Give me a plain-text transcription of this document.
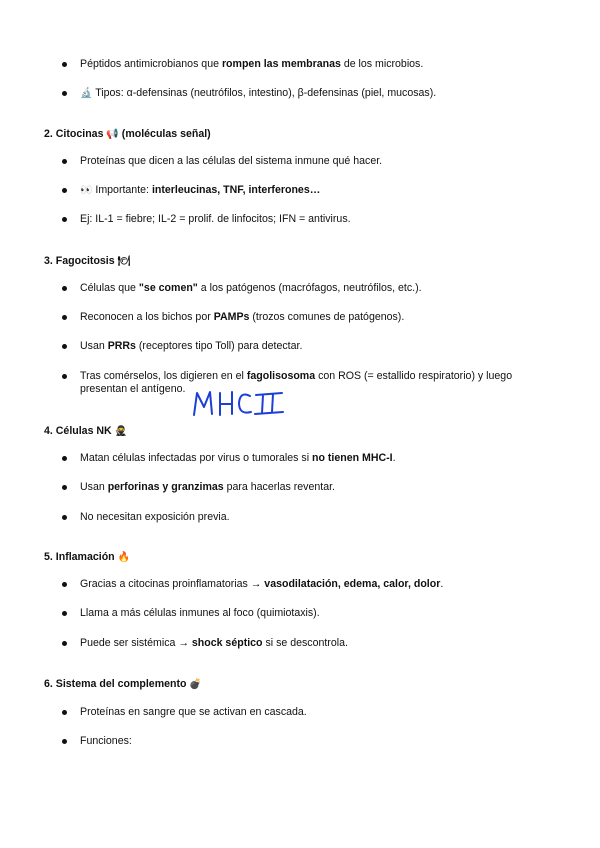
Péptidos antimicrobianos que rompen las membranas de los microbios.
🔬 Tipos: α-defensinas (neutrófilos, intestino), β-defensinas (piel, mucosas).
2. Citocinas 📢 (moléculas señal)
Proteínas que dicen a las células del sistema inmune qué hacer.
👀 Importante: interleucinas, TNF, interferones…
Ej: IL-1 = fiebre; IL-2 = prolif. de linfocitos; IFN = antivirus.
3. Fagocitosis 🍽
Células que "se comen" a los patógenos (macrófagos, neutrófilos, etc.).
Reconocen a los bichos por PAMPs (trozos comunes de patógenos).
Usan PRRs (receptores tipo Toll) para detectar.
Tras comérselos, los digieren en el fagolisosoma con ROS (= estallido respiratorio) y luego
presentan el antígeno.
4. Células NK 🥷
Matan células infectadas por virus o tumorales si no tienen MHC-I.
Usan perforinas y granzimas para hacerlas reventar.
No necesitan exposición previa.
5. Inflamación 🔥
Gracias a citocinas proinflamatorias → vasodilatación, edema, calor, dolor.
Llama a más células inmunes al foco (quimiotaxis).
Puede ser sistémica → shock séptico si se descontrola.
6. Sistema del complemento 💣
Proteínas en sangre que se activan en cascada.
Funciones:
